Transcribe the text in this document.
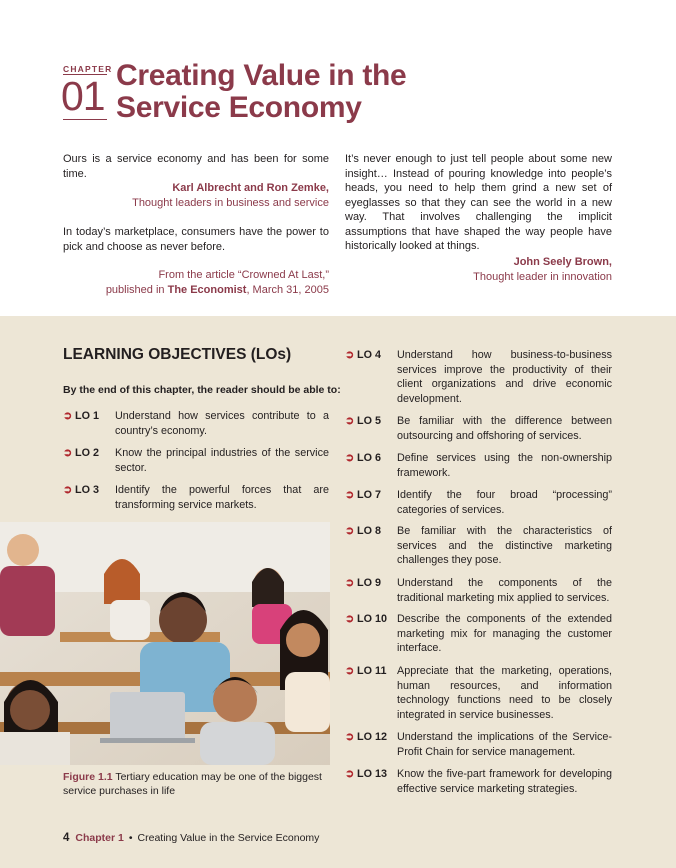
CHAPTER
01 Creating Value in the Service Economy
Ours is a service economy and has been for some time.
Karl Albrecht and Ron Zemke,
Thought leaders in business and service
In today’s marketplace, consumers have the power to pick and choose as never before.
From the article “Crowned At Last,”
published in The Economist, March 31, 2005
It’s never enough to just tell people about some new insight… Instead of pouring knowledge into people’s heads, you need to help them grind a new set of eyeglasses so that they can see the world in a new way. That involves challenging the implicit assumptions that have shaped the way people have historically looked at things.
John Seely Brown,
Thought leader in innovation
LEARNING OBJECTIVES (LOs)
By the end of this chapter, the reader should be able to:
➲ LO 1 Understand how services contribute to a country’s economy.
➲ LO 2 Know the principal industries of the service sector.
➲ LO 3 Identify the powerful forces that are transforming service markets.
➲ LO 4 Understand how business-to-business services improve the productivity of their client organizations and drive economic development.
➲ LO 5 Be familiar with the difference between outsourcing and offshoring of services.
➲ LO 6 Define services using the non-ownership framework.
➲ LO 7 Identify the four broad “processing” categories of services.
➲ LO 8 Be familiar with the characteristics of services and the distinctive marketing challenges they pose.
➲ LO 9 Understand the components of the traditional marketing mix applied to services.
➲ LO 10 Describe the components of the extended marketing mix for managing the customer interface.
➲ LO 11 Appreciate that the marketing, operations, human resources, and information technology functions need to be closely integrated in service businesses.
➲ LO 12 Understand the implications of the Service-Profit Chain for service management.
➲ LO 13 Know the five-part framework for developing effective service marketing strategies.
Figure 1.1 Tertiary education may be one of the biggest service purchases in life
4 Chapter 1 • Creating Value in the Service Economy
